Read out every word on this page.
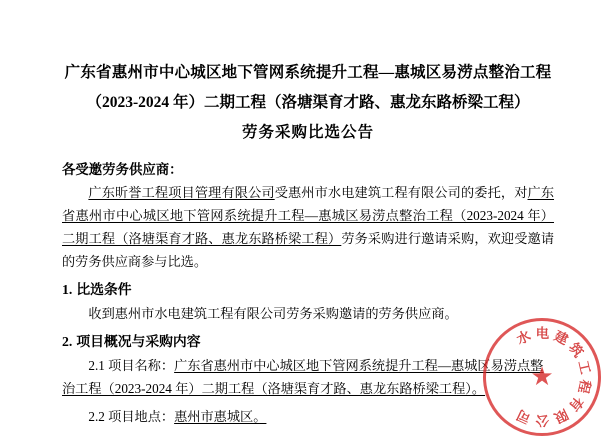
广东省惠州市中心城区地下管网系统提升工程—惠城区易涝点整治工程
（2023-2024 年）二期工程（洛塘渠育才路、惠龙东路桥梁工程）
劳务采购比选公告
各受邀劳务供应商：
广东昕誉工程项目管理有限公司受惠州市水电建筑工程有限公司的委托，对广东省惠州市中心城区地下管网系统提升工程—惠城区易涝点整治工程（2023-2024 年）二期工程（洛塘渠育才路、惠龙东路桥梁工程）劳务采购进行邀请采购，欢迎受邀请的劳务供应商参与比选。
1. 比选条件
收到惠州市水电建筑工程有限公司劳务采购邀请的劳务供应商。
2. 项目概况与采购内容
2.1 项目名称：广东省惠州市中心城区地下管网系统提升工程—惠城区易涝点整治工程（2023-2024 年）二期工程（洛塘渠育才路、惠龙东路桥梁工程）。
2.2 项目地点：惠州市惠城区。
★
水 电 建
筑
工
程
有
限
公
司
